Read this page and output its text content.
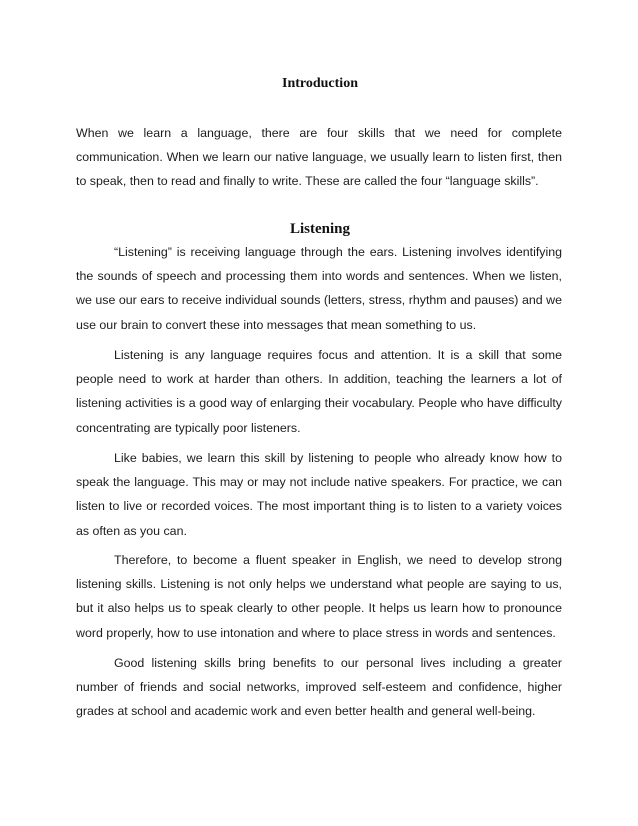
Introduction

When we learn a language, there are four skills that we need for complete communication. When we learn our native language, we usually learn to listen first, then to speak, then to read and finally to write. These are called the four “language skills”.

Listening

“Listening” is receiving language through the ears. Listening involves identifying the sounds of speech and processing them into words and sentences. When we listen, we use our ears to receive individual sounds (letters, stress, rhythm and pauses) and we use our brain to convert these into messages that mean something to us.

Listening is any language requires focus and attention. It is a skill that some people need to work at harder than others. In addition, teaching the learners a lot of listening activities is a good way of enlarging their vocabulary. People who have difficulty concentrating are typically poor listeners.

Like babies, we learn this skill by listening to people who already know how to speak the language. This may or may not include native speakers. For practice, we can listen to live or recorded voices. The most important thing is to listen to a variety voices as often as you can.

Therefore, to become a fluent speaker in English, we need to develop strong listening skills. Listening is not only helps we understand what people are saying to us, but it also helps us to speak clearly to other people. It helps us learn how to pronounce word properly, how to use intonation and where to place stress in words and sentences.

Good listening skills bring benefits to our personal lives including a greater number of friends and social networks, improved self-esteem and confidence, higher grades at school and academic work and even better health and general well-being.
